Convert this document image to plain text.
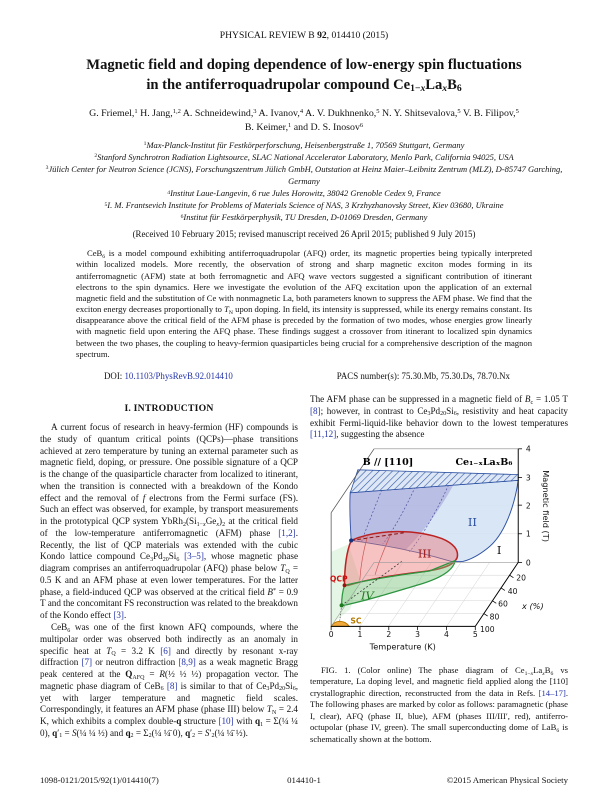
PHYSICAL REVIEW B 92, 014410 (2015)
Magnetic field and doping dependence of low-energy spin fluctuations
in the antiferroquadrupolar compound $Ce_{1-x}La_xB_6$
G. Friemel,$^1$ H. Jang,$^{1,2}$ A. Schneidewind,$^3$ A. Ivanov,$^4$ A. V. Dukhnenko,$^5$ N. Y. Shitsevalova,$^5$ V. B. Filipov,$^5$
B. Keimer,$^1$ and D. S. Inosov$^6$
$^1$Max-Planck-Institut für Festkörperforschung, Heisenbergstraße 1, 70569 Stuttgart, Germany
$^2$Stanford Synchrotron Radiation Lightsource, SLAC National Accelerator Laboratory, Menlo Park, California 94025, USA
$^3$Jülich Center for Neutron Science (JCNS), Forschungszentrum Jülich GmbH, Outstation at Heinz Maier–Leibnitz Zentrum (MLZ), D-85747 Garching, Germany
$^4$Institut Laue-Langevin, 6 rue Jules Horowitz, 38042 Grenoble Cedex 9, France
$^5$I. M. Frantsevich Institute for Problems of Materials Science of NAS, 3 Krzhyzhanovsky Street, Kiev 03680, Ukraine
$^6$Institut für Festkörperphysik, TU Dresden, D-01069 Dresden, Germany
(Received 10 February 2015; revised manuscript received 26 April 2015; published 9 July 2015)
CeB$_6$ is a model compound exhibiting antiferroquadrupolar (AFQ) order, its magnetic properties being typically interpreted within localized models. More recently, the observation of strong and sharp magnetic exciton modes forming in its antiferromagnetic (AFM) state at both ferromagnetic and AFQ wave vectors suggested a significant contribution of itinerant electrons to the spin dynamics. Here we investigate the evolution of the AFQ excitation upon the application of an external magnetic field and the substitution of Ce with nonmagnetic La, both parameters known to suppress the AFM phase. We find that the exciton energy decreases proportionally to $T_N$ upon doping. In field, its intensity is suppressed, while its energy remains constant. Its disappearance above the critical field of the AFM phase is preceded by the formation of two modes, whose energies grow linearly with magnetic field upon entering the AFQ phase. These findings suggest a crossover from itinerant to localized spin dynamics between the two phases, the coupling to heavy-fermion quasiparticles being crucial for a comprehensive description of the magnon spectrum.
DOI: 10.1103/PhysRevB.92.014410	PACS number(s): 75.30.Mb, 75.30.Ds, 78.70.Nx
I. INTRODUCTION

A current focus of research in heavy-fermion (HF) compounds is the study of quantum critical points (QCPs)—phase transitions achieved at zero temperature by tuning an external parameter such as magnetic field, doping, or pressure. One possible signature of a QCP is the change of the quasiparticle character from localized to itinerant, when the transition is connected with a breakdown of the Kondo effect and the removal of f electrons from the Fermi surface (FS). Such an effect was observed, for example, by transport measurements in the prototypical QCP system $YbRh_2(Si_{1-x}Ge_x)_2$ at the critical field of the low-temperature antiferromagnetic (AFM) phase [1,2]. Recently, the list of QCP materials was extended with the cubic Kondo lattice compound $Ce_3Pd_{20}Si_6$ [3–5], whose magnetic phase diagram comprises an antiferroquadrupolar (AFQ) phase below $T_Q = 0.5$ K and an AFM phase at even lower temperatures. For the latter phase, a field-induced QCP was observed at the critical field B* = 0.9 T and the concomitant FS reconstruction was related to the breakdown of the Kondo effect [3].

CeB$_6$ was one of the first known AFQ compounds, where the multipolar order was observed both indirectly as an anomaly in specific heat at $T_Q = 3.2$ K [6] and directly by resonant x-ray diffraction [7] or neutron diffraction [8,9] as a weak magnetic Bragg peak centered at the $Q_{AFQ}$ = R(½ ½ ½) propagation vector. The magnetic phase diagram of CeB$_6$ [8] is similar to that of $Ce_3Pd_{20}Si_6$, yet with larger temperature and magnetic field scales. Correspondingly, it features an AFM phase (phase III) below $T_N = 2.4$ K, which exhibits a complex double-q structure [10] with $q_1$ = Σ(¼ ¼ 0), $q'_1$ = S(¼ ¼ ½) and $q_2$ = $\Sigma_2(\frac{1}{4}$ ¼̄ 0), $q'_2$ = $S'_2(\frac{1}{4}$ ¼̄ ½).

The AFM phase can be suppressed in a magnetic field of $B_c = 1.05$ T [8]; however, in contrast to $Ce_3Pd_{20}Si_6$, resistivity and heat capacity exhibit Fermi-liquid-like behavior down to the lowest temperatures [11,12], suggesting the absence

B // [110]	Ce₁₋ₓLaₓB₆
II
I
III
IV
QCP
SC
0
1
2
3
4
Magnetic field (T)
0	1	2	3	4	5
Temperature (K)
20
40
60
80
100
x (%)

FIG. 1. (Color online) The phase diagram of $Ce_{1-x}La_xB_6$ vs temperature, La doping level, and magnetic field applied along the [110] crystallographic direction, reconstructed from the data in Refs. [14–17]. The following phases are marked by color as follows: paramagnetic (phase I, clear), AFQ (phase II, blue), AFM (phases III/III′, red), antiferro-octupolar (phase IV, green). The small superconducting dome of LaB$_6$ is schematically shown at the bottom.

1098-0121/2015/92(1)/014410(7)	014410-1	©2015 American Physical Society
